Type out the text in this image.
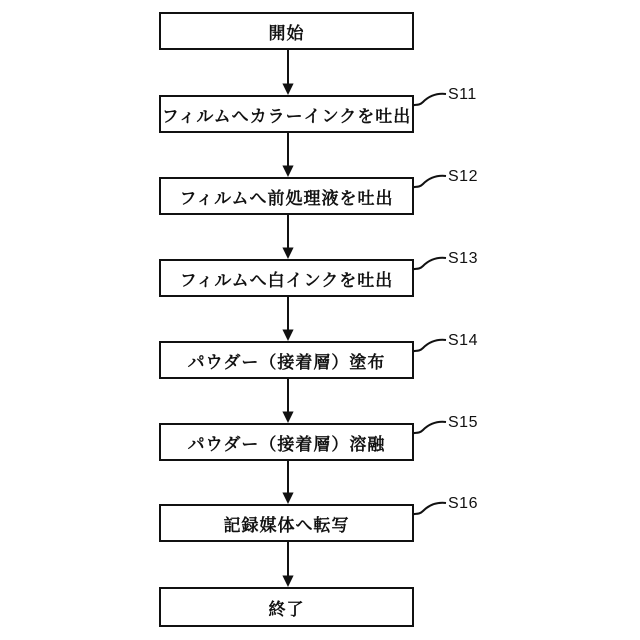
開始
フィルムへカラーインクを吐出
フィルムへ前処理液を吐出
フィルムへ白インクを吐出
パウダー（接着層）塗布
パウダー（接着層）溶融
記録媒体へ転写
終了
S11
S12
S13
S14
S15
S16
